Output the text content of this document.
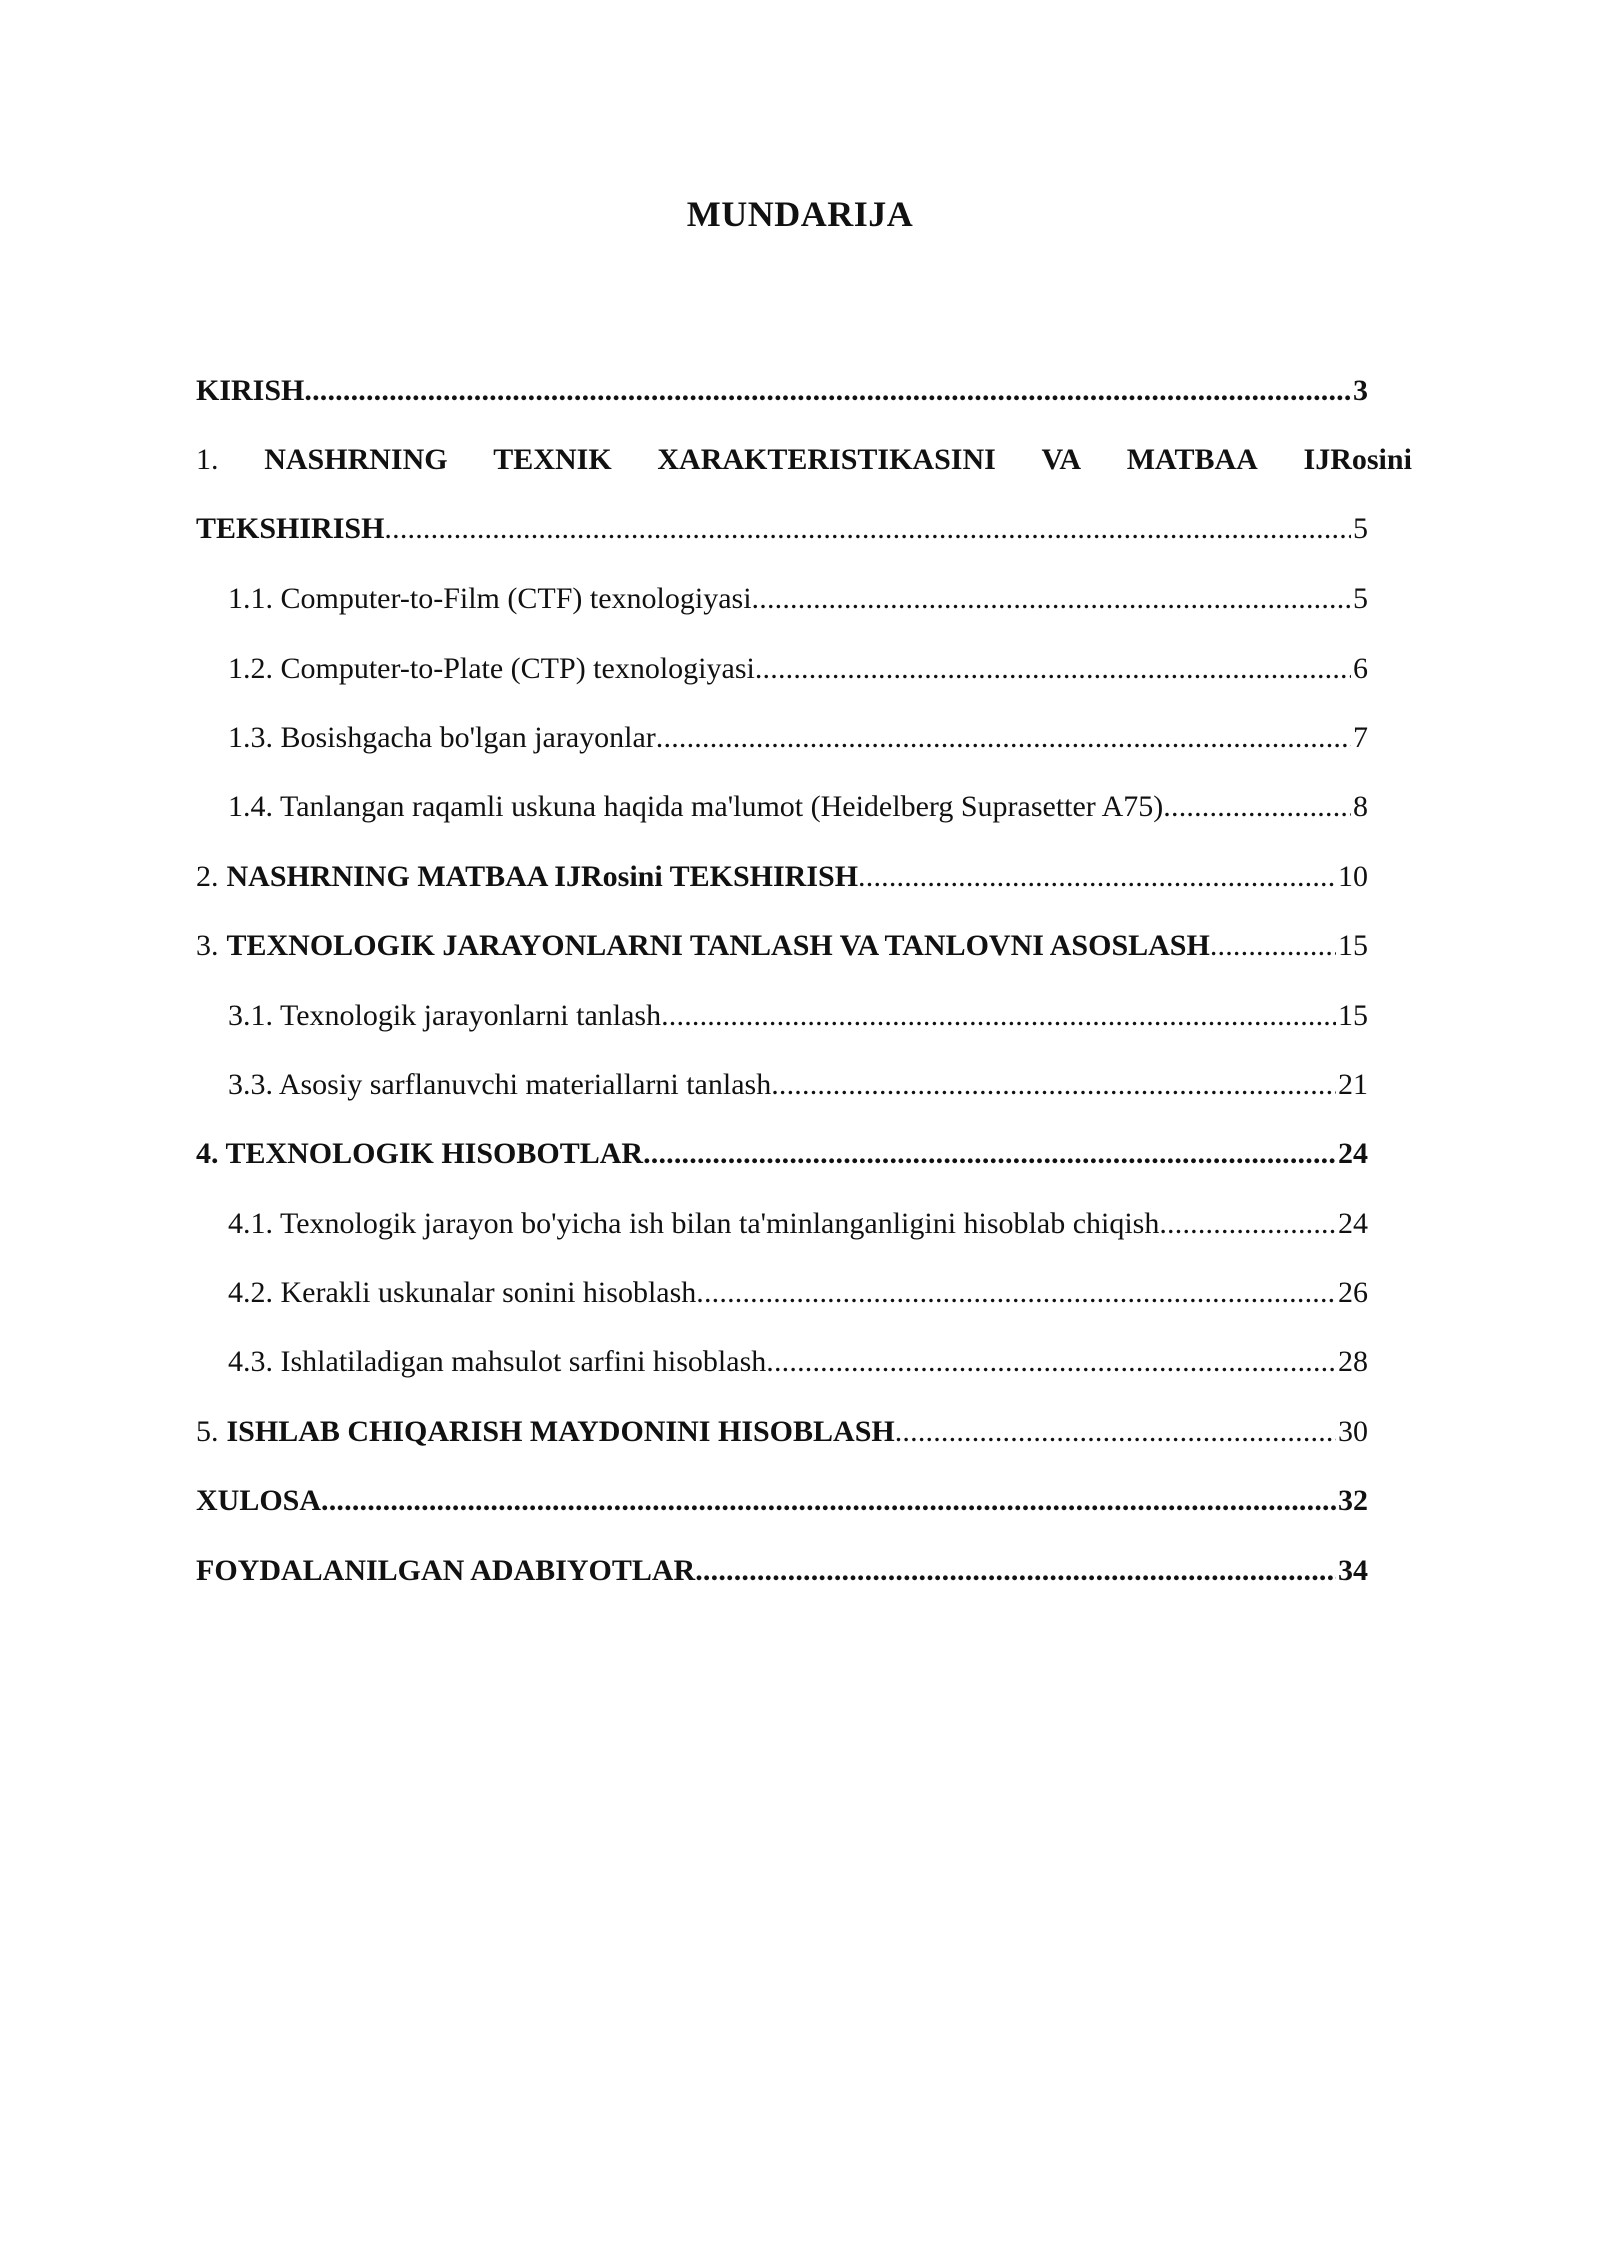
MUNDARIJA
KIRISH .....	3
1. NASHRNING TEXNIK XARAKTERISTIKASINI VA MATBAA IJRosini
TEKSHIRISH .....	5
1.1. Computer-to-Film (CTF) texnologiyasi .....	5
1.2. Computer-to-Plate (CTP) texnologiyasi .....	6
1.3. Bosishgacha bo'lgan jarayonlar .....	7
1.4. Tanlangan raqamli uskuna haqida ma'lumot (Heidelberg Suprasetter A75) .....	8
2. NASHRNING MATBAA IJRosini TEKSHIRISH .....	10
3. TEXNOLOGIK JARAYONLARNI TANLASH VA TANLOVNI ASOSLASH .....	15
3.1. Texnologik jarayonlarni tanlash .....	15
3.3. Asosiy sarflanuvchi materiallarni tanlash .....	21
4. TEXNOLOGIK HISOBOTLAR .....	24
4.1. Texnologik jarayon bo'yicha ish bilan ta'minlanganligini hisoblab chiqish .....	24
4.2. Kerakli uskunalar sonini hisoblash .....	26
4.3. Ishlatiladigan mahsulot sarfini hisoblash .....	28
5. ISHLAB CHIQARISH MAYDONINI HISOBLASH .....	30
XULOSA .....	32
FOYDALANILGAN ADABIYOTLAR .....	34
